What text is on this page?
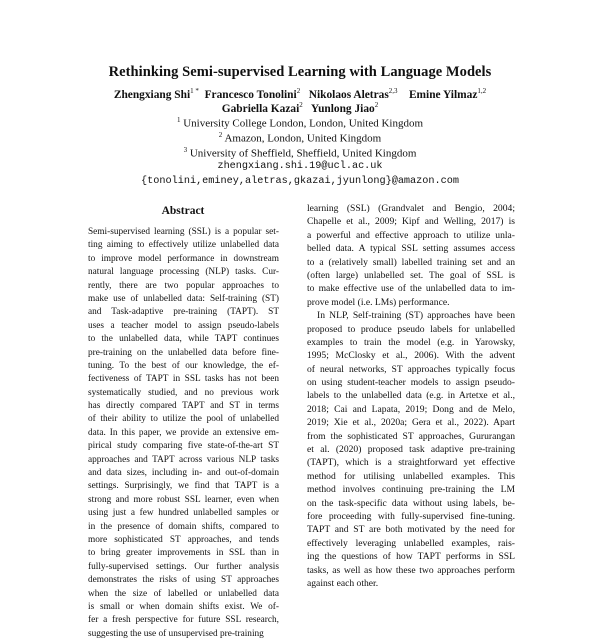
Rethinking Semi-supervised Learning with Language Models
Zhengxiang Shi$^{1 *}$ Francesco Tonolini$^2$ Nikolaos Aletras$^{2,3}$ Emine Yilmaz$^{1,2}$
Gabriella Kazai$^2$ Yunlong Jiao$^2$
$^1$ University College London, London, United Kingdom
$^2$ Amazon, London, United Kingdom
$^3$ University of Sheffield, Sheffield, United Kingdom
zhengxiang.shi.19@ucl.ac.uk
{tonolini,eminey,aletras,gkazai,jyunlong}@amazon.com
Abstract
Semi-supervised learning (SSL) is a popular set-
ting aiming to effectively utilize unlabelled data
to improve model performance in downstream
natural language processing (NLP) tasks. Cur-
rently, there are two popular approaches to
make use of unlabelled data: Self-training (ST)
and Task-adaptive pre-training (TAPT). ST
uses a teacher model to assign pseudo-labels
to the unlabelled data, while TAPT continues
pre-training on the unlabelled data before fine-
tuning. To the best of our knowledge, the ef-
fectiveness of TAPT in SSL tasks has not been
systematically studied, and no previous work
has directly compared TAPT and ST in terms
of their ability to utilize the pool of unlabelled
data. In this paper, we provide an extensive em-
pirical study comparing five state-of-the-art ST
approaches and TAPT across various NLP tasks
and data sizes, including in- and out-of-domain
settings. Surprisingly, we find that TAPT is a
strong and more robust SSL learner, even when
using just a few hundred unlabelled samples or
in the presence of domain shifts, compared to
more sophisticated ST approaches, and tends
to bring greater improvements in SSL than in
fully-supervised settings. Our further analysis
demonstrates the risks of using ST approaches
when the size of labelled or unlabelled data
is small or when domain shifts exist. We of-
fer a fresh perspective for future SSL research,
suggesting the use of unsupervised pre-training
learning (SSL) (Grandvalet and Bengio, 2004;
Chapelle et al., 2009; Kipf and Welling, 2017) is
a powerful and effective approach to utilize unla-
belled data. A typical SSL setting assumes access
to a (relatively small) labelled training set and an
(often large) unlabelled set. The goal of SSL is
to make effective use of the unlabelled data to im-
prove model (i.e. LMs) performance.
In NLP, Self-training (ST) approaches have been
proposed to produce pseudo labels for unlabelled
examples to train the model (e.g. in Yarowsky,
1995; McClosky et al., 2006). With the advent
of neural networks, ST approaches typically focus
on using student-teacher models to assign pseudo-
labels to the unlabelled data (e.g. in Artetxe et al.,
2018; Cai and Lapata, 2019; Dong and de Melo,
2019; Xie et al., 2020a; Gera et al., 2022). Apart
from the sophisticated ST approaches, Gururangan
et al. (2020) proposed task adaptive pre-training
(TAPT), which is a straightforward yet effective
method for utilising unlabelled examples. This
method involves continuing pre-training the LM
on the task-specific data without using labels, be-
fore proceeding with fully-supervised fine-tuning.
TAPT and ST are both motivated by the need for
effectively leveraging unlabelled examples, rais-
ing the questions of how TAPT performs in SSL
tasks, as well as how these two approaches perform
against each other.
